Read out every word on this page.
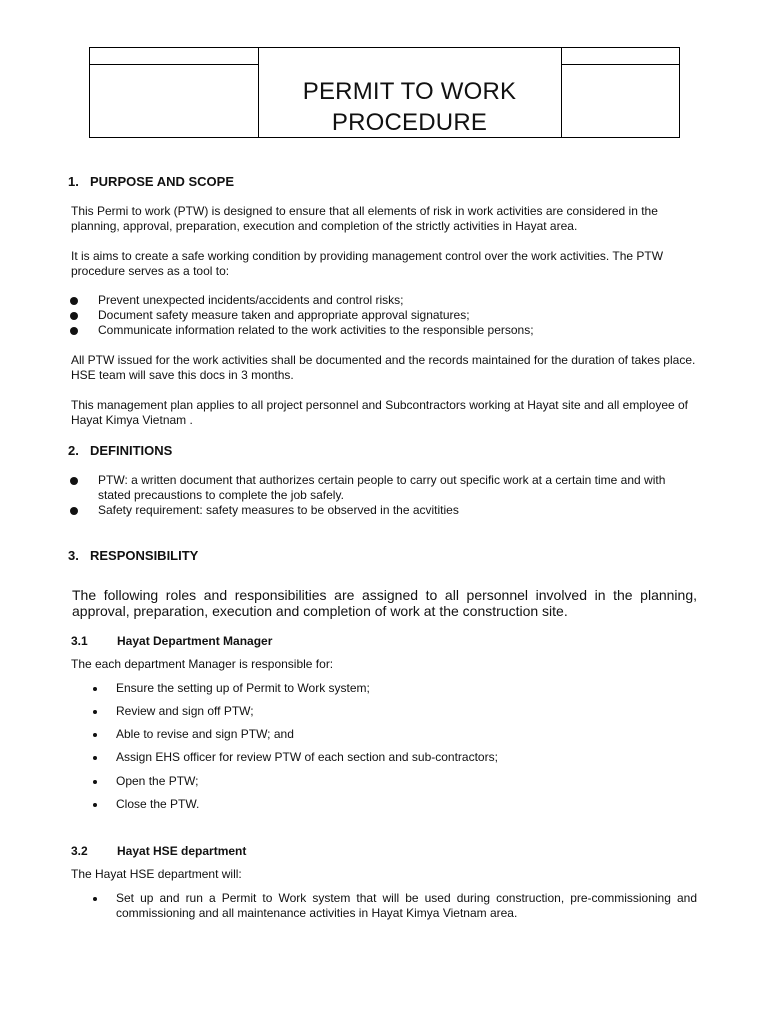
PERMIT TO WORK
PROCEDURE
1. PURPOSE AND SCOPE

This Permi to work (PTW) is designed to ensure that all elements of risk in work activities are considered in the planning, approval, preparation, execution and completion of the strictly activities in Hayat area.

It is aims to create a safe working condition by providing management control over the work activities. The PTW procedure serves as a tool to:

Prevent unexpected incidents/accidents and control risks;
Document safety measure taken and appropriate approval signatures;
Communicate information related to the work activities to the responsible persons;

All PTW issued for the work activities shall be documented and the records maintained for the duration of takes place. HSE team will save this docs in 3 months.

This management plan applies to all project personnel and Subcontractors working at Hayat site and all employee of Hayat Kimya Vietnam .

2. DEFINITIONS
PTW: a written document that authorizes certain people to carry out specific work at a certain time and with stated precaustions to complete the job safely.
Safety requirement: safety measures to be observed in the acvitities
3. RESPONSIBILITY

The following roles and responsibilities are assigned to all personnel involved in the planning, approval, preparation, execution and completion of work at the construction site.

3.1 Hayat Department Manager

The each department Manager is responsible for:

Ensure the setting up of Permit to Work system;
Review and sign off PTW;
Able to revise and sign PTW; and
Assign EHS officer for review PTW of each section and sub-contractors;
Open the PTW;
Close the PTW.
3.2 Hayat HSE department

The Hayat HSE department will:

Set up and run a Permit to Work system that will be used during construction, pre-commissioning and commissioning and all maintenance activities in Hayat Kimya Vietnam area.
